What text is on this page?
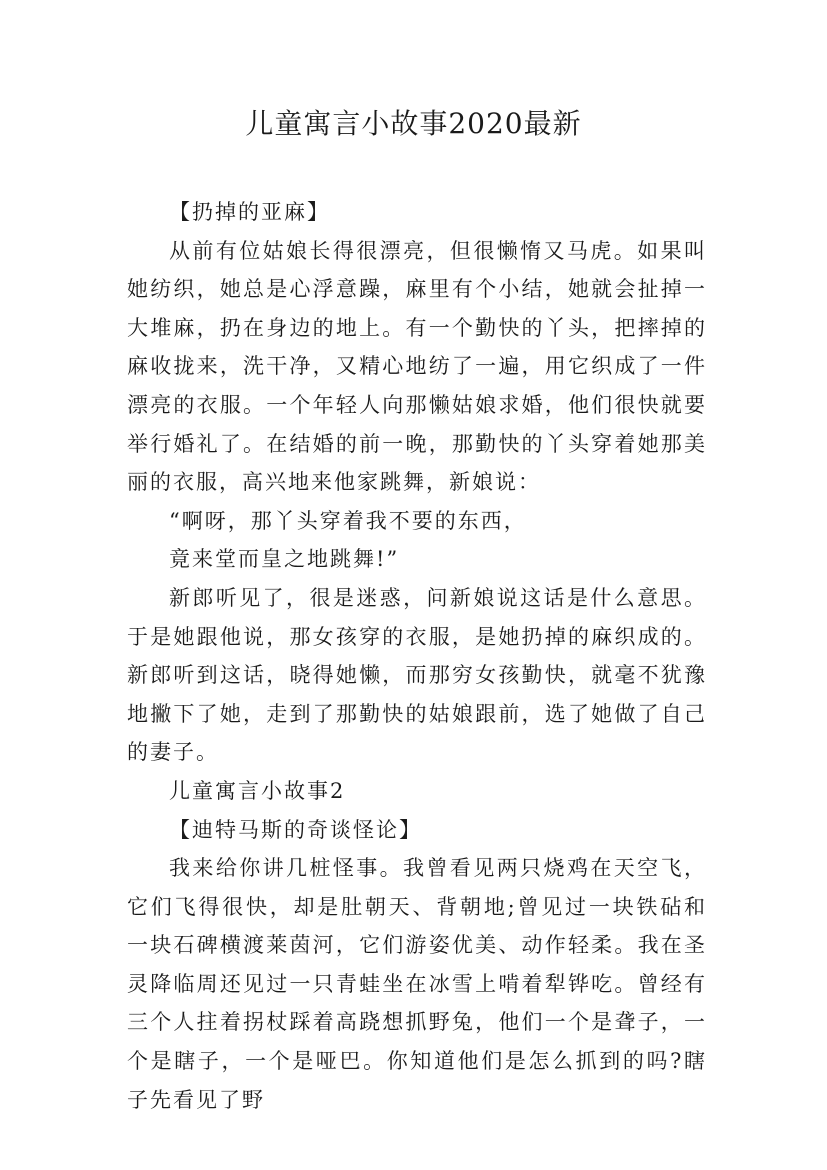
儿童寓言小故事2020最新

【扔掉的亚麻】

从前有位姑娘长得很漂亮，但很懒惰又马虎。如果叫她纺织，她总是心浮意躁，麻里有个小结，她就会扯掉一大堆麻，扔在身边的地上。有一个勤快的丫头，把摔掉的麻收拢来，洗干净，又精心地纺了一遍，用它织成了一件漂亮的衣服。一个年轻人向那懒姑娘求婚，他们很快就要举行婚礼了。在结婚的前一晚，那勤快的丫头穿着她那美丽的衣服，高兴地来他家跳舞，新娘说：

“啊呀，那丫头穿着我不要的东西，

竟来堂而皇之地跳舞!”

新郎听见了，很是迷惑，问新娘说这话是什么意思。于是她跟他说，那女孩穿的衣服，是她扔掉的麻织成的。新郎听到这话，晓得她懒，而那穷女孩勤快，就毫不犹豫地撇下了她，走到了那勤快的姑娘跟前，选了她做了自己的妻子。

儿童寓言小故事2

【迪特马斯的奇谈怪论】

我来给你讲几桩怪事。我曾看见两只烧鸡在天空飞，它们飞得很快，却是肚朝天、背朝地;曾见过一块铁砧和一块石碑横渡莱茵河，它们游姿优美、动作轻柔。我在圣灵降临周还见过一只青蛙坐在冰雪上啃着犁铧吃。曾经有三个人拄着拐杖踩着高跷想抓野兔，他们一个是聋子，一个是瞎子，一个是哑巴。你知道他们是怎么抓到的吗?瞎子先看见了野
